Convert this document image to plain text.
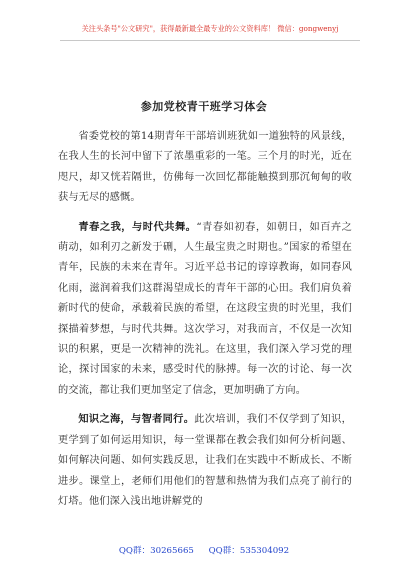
关注头条号"公文研究"，获得最新最全最专业的公文资料库！ 微信：gongwenyj
参加党校青干班学习体会

省委党校的第14期青年干部培训班犹如一道独特的风景线，在我人生的长河中留下了浓墨重彩的一笔。三个月的时光，近在咫尺，却又恍若隔世，仿佛每一次回忆都能触摸到那沉甸甸的收获与无尽的感慨。

青春之我，与时代共舞。“青春如初春，如朝日，如百卉之萌动，如利刃之新发于硎，人生最宝贵之时期也。”国家的希望在青年，民族的未来在青年。习近平总书记的谆谆教诲，如同春风化雨，滋润着我们这群渴望成长的青年干部的心田。我们肩负着新时代的使命，承载着民族的希望，在这段宝贵的时光里，我们探描着梦想，与时代共舞。这次学习，对我而言，不仅是一次知识的积累，更是一次精神的洗礼。在这里，我们深入学习党的理论，探讨国家的未来，感受时代的脉搏。每一次的讨论、每一次的交流，都让我们更加坚定了信念，更加明确了方向。

知识之海，与智者同行。此次培训，我们不仅学到了知识，更学到了如何运用知识，每一堂课都在教会我们如何分析问题、如何解决问题、如何实践反思，让我们在实践中不断成长、不断进步。课堂上，老师们用他们的智慧和热情为我们点亮了前行的灯塔。他们深入浅出地讲解党的

QQ群：30265665 QQ群：535304092
